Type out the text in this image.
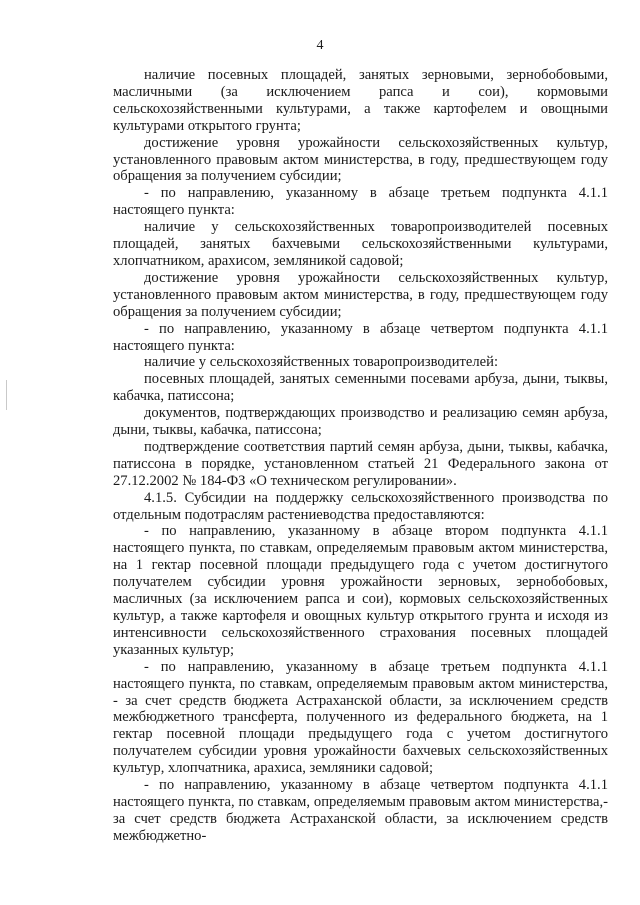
4

наличие посевных площадей, занятых зерновыми, зернобобовыми, масличными (за исключением рапса и сои), кормовыми сельскохозяйственными культурами, а также картофелем и овощными культурами открытого грунта;

достижение уровня урожайности сельскохозяйственных культур, установленного правовым актом министерства, в году, предшествующем году обращения за получением субсидии;

- по направлению, указанному в абзаце третьем подпункта 4.1.1 настоящего пункта:

наличие у сельскохозяйственных товаропроизводителей посевных площадей, занятых бахчевыми сельскохозяйственными культурами, хлопчатником, арахисом, земляникой садовой;

достижение уровня урожайности сельскохозяйственных культур, установленного правовым актом министерства, в году, предшествующем году обращения за получением субсидии;

- по направлению, указанному в абзаце четвертом подпункта 4.1.1 настоящего пункта:

наличие у сельскохозяйственных товаропроизводителей:

посевных площадей, занятых семенными посевами арбуза, дыни, тыквы, кабачка, патиссона;

документов, подтверждающих производство и реализацию семян арбуза, дыни, тыквы, кабачка, патиссона;

подтверждение соответствия партий семян арбуза, дыни, тыквы, кабачка, патиссона в порядке, установленном статьей 21 Федерального закона от 27.12.2002 № 184-ФЗ «О техническом регулировании».

4.1.5. Субсидии на поддержку сельскохозяйственного производства по отдельным подотраслям растениеводства предоставляются:

- по направлению, указанному в абзаце втором подпункта 4.1.1 настоящего пункта, по ставкам, определяемым правовым актом министерства, на 1 гектар посевной площади предыдущего года с учетом достигнутого получателем субсидии уровня урожайности зерновых, зернобобовых, масличных (за исключением рапса и сои), кормовых сельскохозяйственных культур, а также картофеля и овощных культур открытого грунта и исходя из интенсивности сельскохозяйственного страхования посевных площадей указанных культур;

- по направлению, указанному в абзаце третьем подпункта 4.1.1 настоящего пункта, по ставкам, определяемым правовым актом министерства, - за счет средств бюджета Астраханской области, за исключением средств межбюджетного трансферта, полученного из федерального бюджета, на 1 гектар посевной площади предыдущего года с учетом достигнутого получателем субсидии уровня урожайности бахчевых сельскохозяйственных культур, хлопчатника, арахиса, земляники садовой;

- по направлению, указанному в абзаце четвертом подпункта 4.1.1 настоящего пункта, по ставкам, определяемым правовым актом министерства,- за счет средств бюджета Астраханской области, за исключением средств межбюджетно-
